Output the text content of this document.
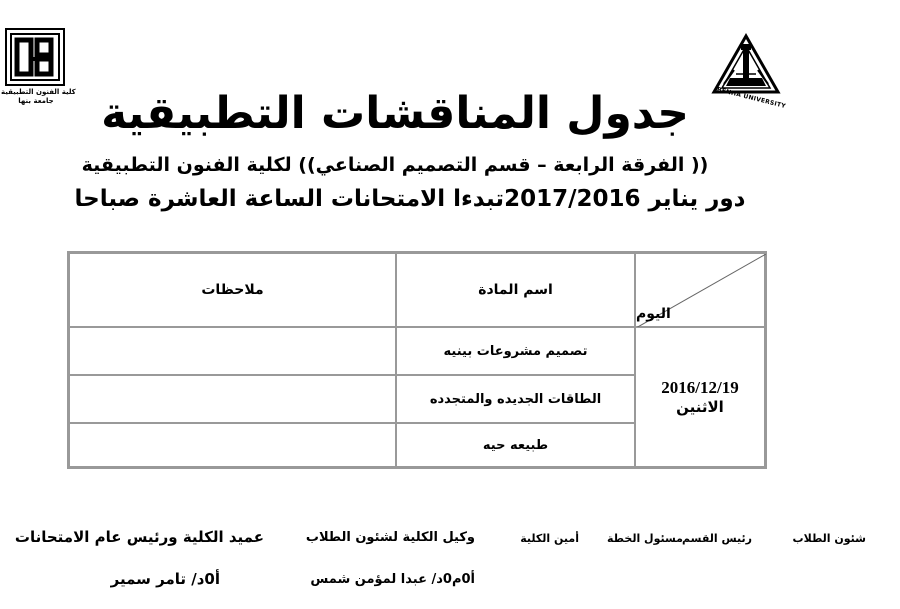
كلية الفنون التطبيقية
جامعة بنها	BENHA UNIVERSITY
جدول المناقشات التطبيقية
(( الفرقة الرابعة – قسم التصميم الصناعي)) لكلية الفنون التطبيقية
دور يناير 2017/2016تبدءا الامتحانات الساعة العاشرة صباحا
ملاحظات	اسم المادة
اليوم
تصميم مشروعات بينيه
الطاقات الجديده والمتجدده
طبيعه حيه
2016/12/19
الاثنين
شئون الطلاب
رئيس القسم
مسئول الخطة
أمين الكلية
وكيل الكلية لشئون الطلاب
عميد الكلية ورئيس عام الامتحانات
أ0م0د/ عبدا لمؤمن شمس
أ0د/ تامر سمير
